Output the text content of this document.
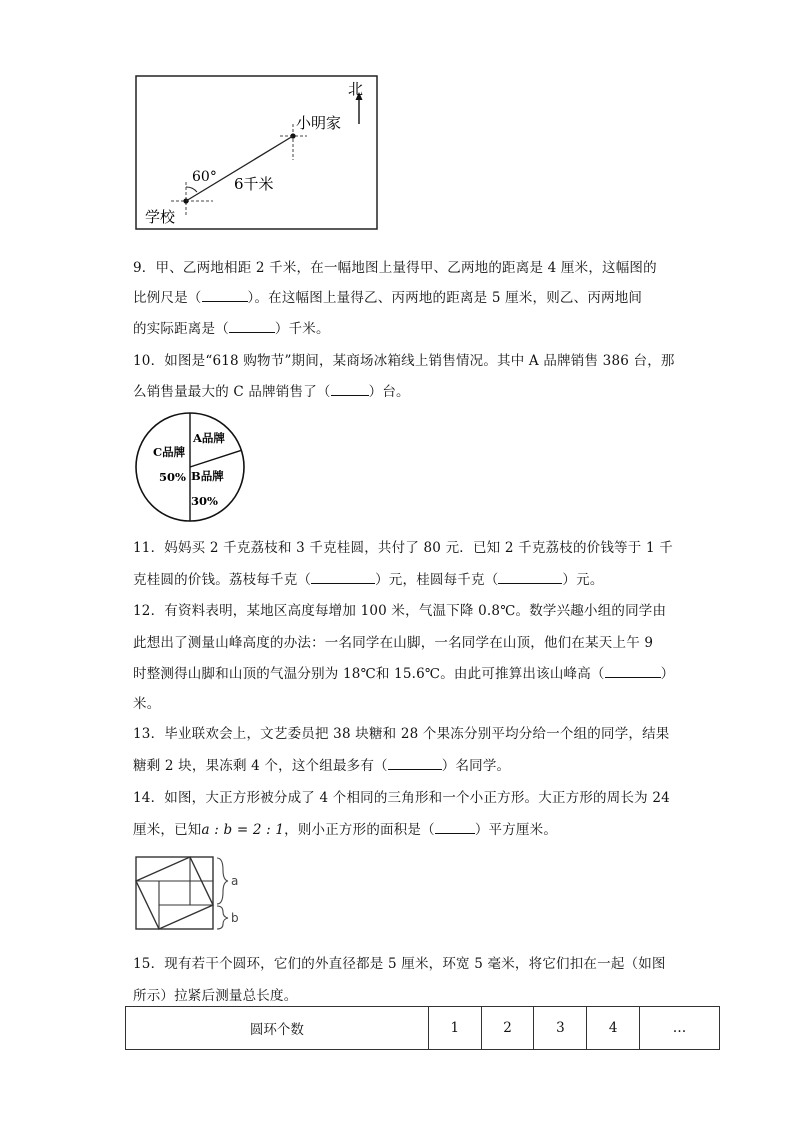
北
小明家
学校
60° 6千米
9．甲、乙两地相距 2 千米，在一幅地图上量得甲、乙两地的距离是 4 厘米，这幅图的
比例尺是（	）。在这幅图上量得乙、丙两地的距离是 5 厘米，则乙、丙两地间
的实际距离是（	）千米。
10．如图是“618 购物节”期间，某商场冰箱线上销售情况。其中 A 品牌销售 386 台，那
么销售量最大的 C 品牌销售了（	）台。
A品牌
B品牌
30%
C品牌
50%
11．妈妈买 2 千克荔枝和 3 千克桂圆，共付了 80 元．已知 2 千克荔枝的价钱等于 1 千
克桂圆的价钱。荔枝每千克（	）元，桂圆每千克（	）元。
12．有资料表明，某地区高度每增加 100 米，气温下降 0.8℃。数学兴趣小组的同学由
此想出了测量山峰高度的办法：一名同学在山脚，一名同学在山顶，他们在某天上午 9
时整测得山脚和山顶的气温分别为 18℃和 15.6℃。由此可推算出该山峰高（	）
米。
13．毕业联欢会上，文艺委员把 38 块糖和 28 个果冻分别平均分给一个组的同学，结果
糖剩 2 块，果冻剩 4 个，这个组最多有（	）名同学。
14．如图，大正方形被分成了 4 个相同的三角形和一个小正方形。大正方形的周长为 24
厘米，已知a : b = 2 : 1，则小正方形的面积是（	）平方厘米。
a
b
15．现有若干个圆环，它们的外直径都是 5 厘米，环宽 5 毫米，将它们扣在一起（如图
所示）拉紧后测量总长度。
圆环个数	1	2	3	4	…
